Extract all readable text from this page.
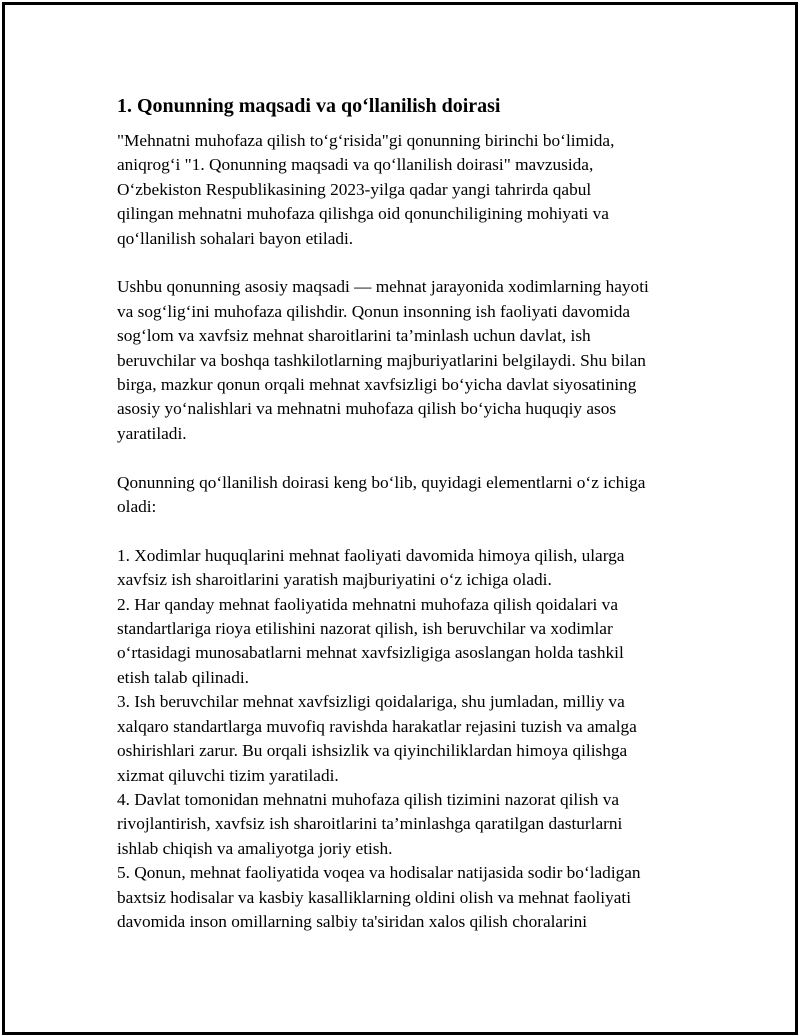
1. Qonunning maqsadi va qo‘llanilish doirasi

"Mehnatni muhofaza qilish to‘g‘risida"gi qonunning birinchi bo‘limida,
aniqrog‘i "1. Qonunning maqsadi va qo‘llanilish doirasi" mavzusida,
O‘zbekiston Respublikasining 2023-yilga qadar yangi tahrirda qabul
qilingan mehnatni muhofaza qilishga oid qonunchiligining mohiyati va
qo‘llanilish sohalari bayon etiladi.

Ushbu qonunning asosiy maqsadi — mehnat jarayonida xodimlarning hayoti
va sog‘lig‘ini muhofaza qilishdir. Qonun insonning ish faoliyati davomida
sog‘lom va xavfsiz mehnat sharoitlarini ta’minlash uchun davlat, ish
beruvchilar va boshqa tashkilotlarning majburiyatlarini belgilaydi. Shu bilan
birga, mazkur qonun orqali mehnat xavfsizligi bo‘yicha davlat siyosatining
asosiy yo‘nalishlari va mehnatni muhofaza qilish bo‘yicha huquqiy asos
yaratiladi.

Qonunning qo‘llanilish doirasi keng bo‘lib, quyidagi elementlarni o‘z ichiga
oladi:

1. Xodimlar huquqlarini mehnat faoliyati davomida himoya qilish, ularga
xavfsiz ish sharoitlarini yaratish majburiyatini o‘z ichiga oladi.

2. Har qanday mehnat faoliyatida mehnatni muhofaza qilish qoidalari va
standartlariga rioya etilishini nazorat qilish, ish beruvchilar va xodimlar
o‘rtasidagi munosabatlarni mehnat xavfsizligiga asoslangan holda tashkil
etish talab qilinadi.

3. Ish beruvchilar mehnat xavfsizligi qoidalariga, shu jumladan, milliy va
xalqaro standartlarga muvofiq ravishda harakatlar rejasini tuzish va amalga
oshirishlari zarur. Bu orqali ishsizlik va qiyinchiliklardan himoya qilishga
xizmat qiluvchi tizim yaratiladi.

4. Davlat tomonidan mehnatni muhofaza qilish tizimini nazorat qilish va
rivojlantirish, xavfsiz ish sharoitlarini ta’minlashga qaratilgan dasturlarni
ishlab chiqish va amaliyotga joriy etish.

5. Qonun, mehnat faoliyatida voqea va hodisalar natijasida sodir bo‘ladigan
baxtsiz hodisalar va kasbiy kasalliklarning oldini olish va mehnat faoliyati
davomida inson omillarning salbiy ta'siridan xalos qilish choralarini
